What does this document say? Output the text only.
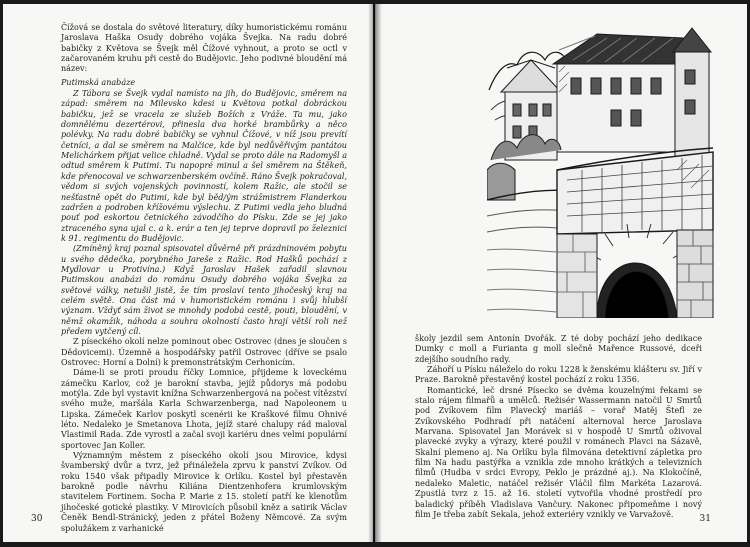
Čížová se dostala do světové literatury, díky humoristickému románu Jaroslava Haška Osudy dobrého vojáka Švejka. Na radu dobré babičky z Květova se Švejk měl Čížové vyhnout, a proto se octl v začarovaném kruhu při cestě do Budějovic. Jeho podivné bloudění má název:

Putimská anabáze

Z Tábora se Švejk vydal namísto na jih, do Budějovic, směrem na západ: směrem na Milevsko kdesi u Květova potkal dobráckou babičku, jež se vracela ze služeb Božích z Vráže. Ta mu, jako domnělému dezertérovi, přinesla dva horké brambůrky a něco polévky. Na radu dobré babičky se vyhnul Čížové, v níž jsou prevítí četníci, a dal se směrem na Malčice, kde byl nedůvěřivým pantátou Melichárkem přijat velice chladně. Vydal se proto dále na Radomyšl a odtud směrem k Putimi. Tu napopré minul a šel směrem na Štěkeň, kde přenocoval ve schwarzenberském ovčíně. Ráno Švejk pokračoval, vědom si svých vojenských povinností, kolem Ražic, ale stočil se nešťastně opět do Putimi, kde byl běd/ým strážmistrem Flanderkou zadržen a podroben křížovému výslechu. Z Putimi vedla jeho bludná pouť pod eskortou četnického závodčího do Písku. Zde se jej jako ztraceného syna ujal c. a k. erár a ten jej teprve dopravil po železnici k 91. regimentu do Budějovic.

(Zmíněný kraj poznal spisovatel důvěrně při prázdninovém pobytu u svého dědečka, porybného Jareše z Ražic. Rod Hašků pochází z Mydlovar u Protivína.) Když Jaroslav Hašek zařadil slavnou Putimskou anabázi do románu Osudy dobrého vojáka Švejka za světové války, netušil jistě, že tím proslaví tento jihočeský kraj na celém světě. Ona část má v humoristickém románu i svůj hlubší význam. Vždyť sám život se mnohdy podobá cestě, pouti, bloudění, v němž okamžik, náhoda a souhra okolností často hrají větší roli než předem vytčený cíl.

Z píseckého okolí nelze pominout obec Ostrovec (dnes je sloučen s Dědovicemi). Územně a hospodářsky patřil Ostrovec (dříve se psalo Ostrovec: Horní a Dolní) k premonstrátským Cerhonicím.

Dáme-li se proti proudu říčky Lomnice, přijdeme k loveckému zámečku Karlov, což je barokní stavba, jejíž půdorys má podobu motýla. Zde byl vystavit knížna Schwarzenbergová na počest vítězství svého muže, maršála Karla Schwarzenberga, nad Napoleonem u Lipska. Zámeček Karlov poskytl scenérii ke Kraškové filmu Ohnivé léto. Nedaleko je Smetanova Lhota, jejíž staré chalupy rád maloval Vlastimil Rada. Zde vyrostl a začal svoji kariéru dnes velmi populární sportovec Jan Koller.

Významným městem z píseckého okolí jsou Mirovice, kdysi švamberský dvůr a tvrz, jež přináležela zprvu k panství Zvíkov. Od roku 1540 však připadly Mirovice k Orlíku. Kostel byl přestavěn barokně podle návrhu Kiliána Dientzenhofera krumlovským stavitelem Fortinem. Socha P. Marie z 15. století patří ke klenotům jihočeské gotické plastiky. V Mirovicích působil kněz a satirik Václav Čeněk Bendl-Stránický, jeden z přátel Boženy Němcové. Za svým spolužákem z varhanické

30

školy jezdil sem Antonín Dvořák. Z té doby pochází jeho dedikace Dumky c moll a Furianta g moll slečně Mařence Russové, dceři zdejšího soudního rady.

Záhoří u Písku náleželo do roku 1228 k ženskému klášteru sv. Jiří v Praze. Barokně přestavěný kostel pochází z roku 1356.

Romantické, leč drsné Písecko se dvěma kouzelnými řekami se stalo rájem filmařů a umělců. Režisér Wassermann natočil U Smrtů pod Zvíkovem film Plavecký mariáš – vorař Matěj Štefl ze Zvíkovského Podhradí při natáčení alternoval herce Jaroslava Marvana. Spisovatel Jan Morávek si v hospodě U Smrtů oživoval plavecké zvyky a výrazy, které použil v románech Plavci na Sázavě, Skalní plemeno aj. Na Orlíku byla filmována detektivní zápletka pro film Na hadu pastýřka a vznikla zde mnoho krátkých a televizních filmů (Hudba v srdci Evropy, Peklo je prázdné aj.). Na Klokočíně, nedaleko Maletic, natáčel režisér Vláčil film Markéta Lazarová. Zpustlá tvrz z 15. až 16. století vytvořila vhodné prostředí pro baladický příběh Vladislava Vančury. Nakonec připomeňme i nový film Je třeba zabít Sekala, jehož exteriéry vznikly ve Varvažově.	31
